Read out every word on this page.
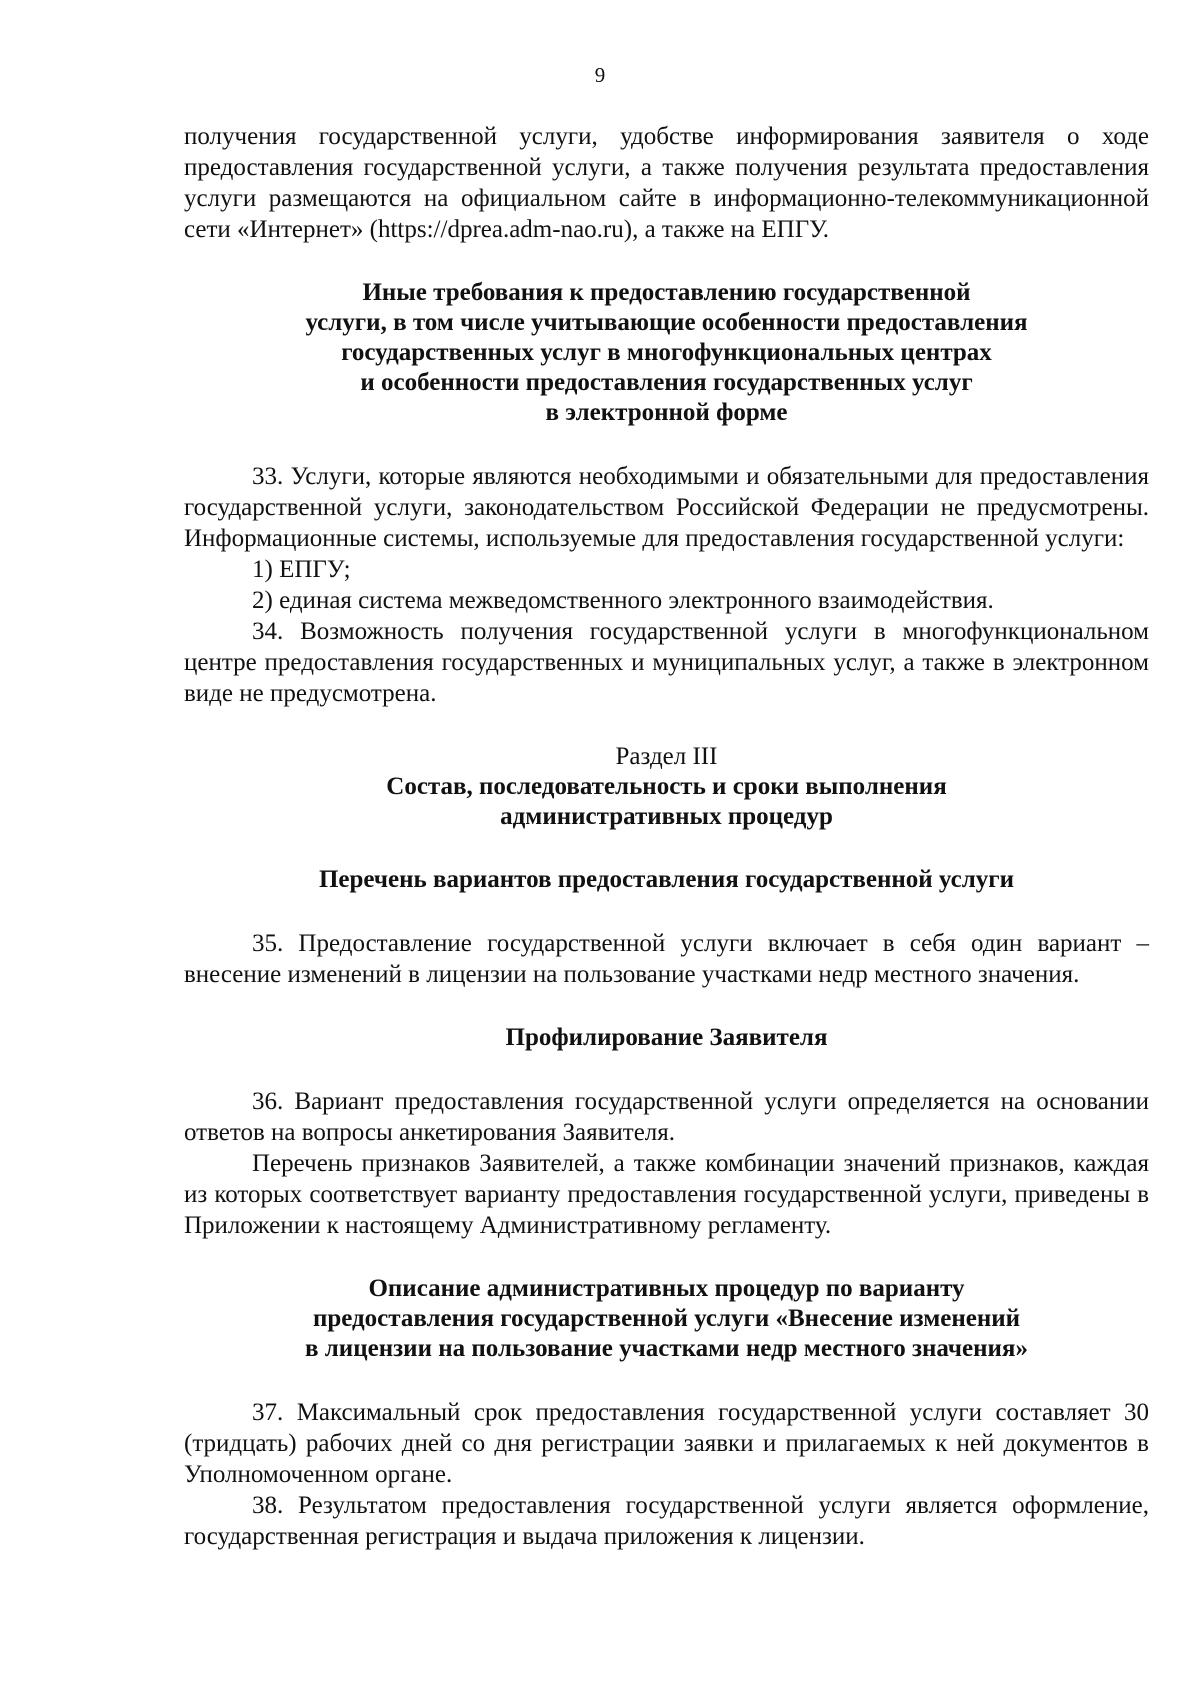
9

получения государственной услуги, удобстве информирования заявителя о ходе предоставления государственной услуги, а также получения результата предоставления услуги размещаются на официальном сайте в информационно-телекоммуникационной сети «Интернет» (https://dprea.adm-nao.ru), а также на ЕПГУ.

Иные требования к предоставлению государственной
услуги, в том числе учитывающие особенности предоставления
государственных услуг в многофункциональных центрах
и особенности предоставления государственных услуг
в электронной форме

33. Услуги, которые являются необходимыми и обязательными для предоставления государственной услуги, законодательством Российской Федерации не предусмотрены. Информационные системы, используемые для предоставления государственной услуги:

1) ЕПГУ;

2) единая система межведомственного электронного взаимодействия.

34. Возможность получения государственной услуги в многофункциональном центре предоставления государственных и муниципальных услуг, а также в электронном виде не предусмотрена.

Раздел III

Состав, последовательность и сроки выполнения
административных процедур
Перечень вариантов предоставления государственной услуги

35. Предоставление государственной услуги включает в себя один вариант – внесение изменений в лицензии на пользование участками недр местного значения.

Профилирование Заявителя

36. Вариант предоставления государственной услуги определяется на основании ответов на вопросы анкетирования Заявителя.

Перечень признаков Заявителей, а также комбинации значений признаков, каждая из которых соответствует варианту предоставления государственной услуги, приведены в Приложении к настоящему Административному регламенту.

Описание административных процедур по варианту
предоставления государственной услуги «Внесение изменений
в лицензии на пользование участками недр местного значения»

37. Максимальный срок предоставления государственной услуги составляет 30 (тридцать) рабочих дней со дня регистрации заявки и прилагаемых к ней документов в Уполномоченном органе.

38. Результатом предоставления государственной услуги является оформление, государственная регистрация и выдача приложения к лицензии.
